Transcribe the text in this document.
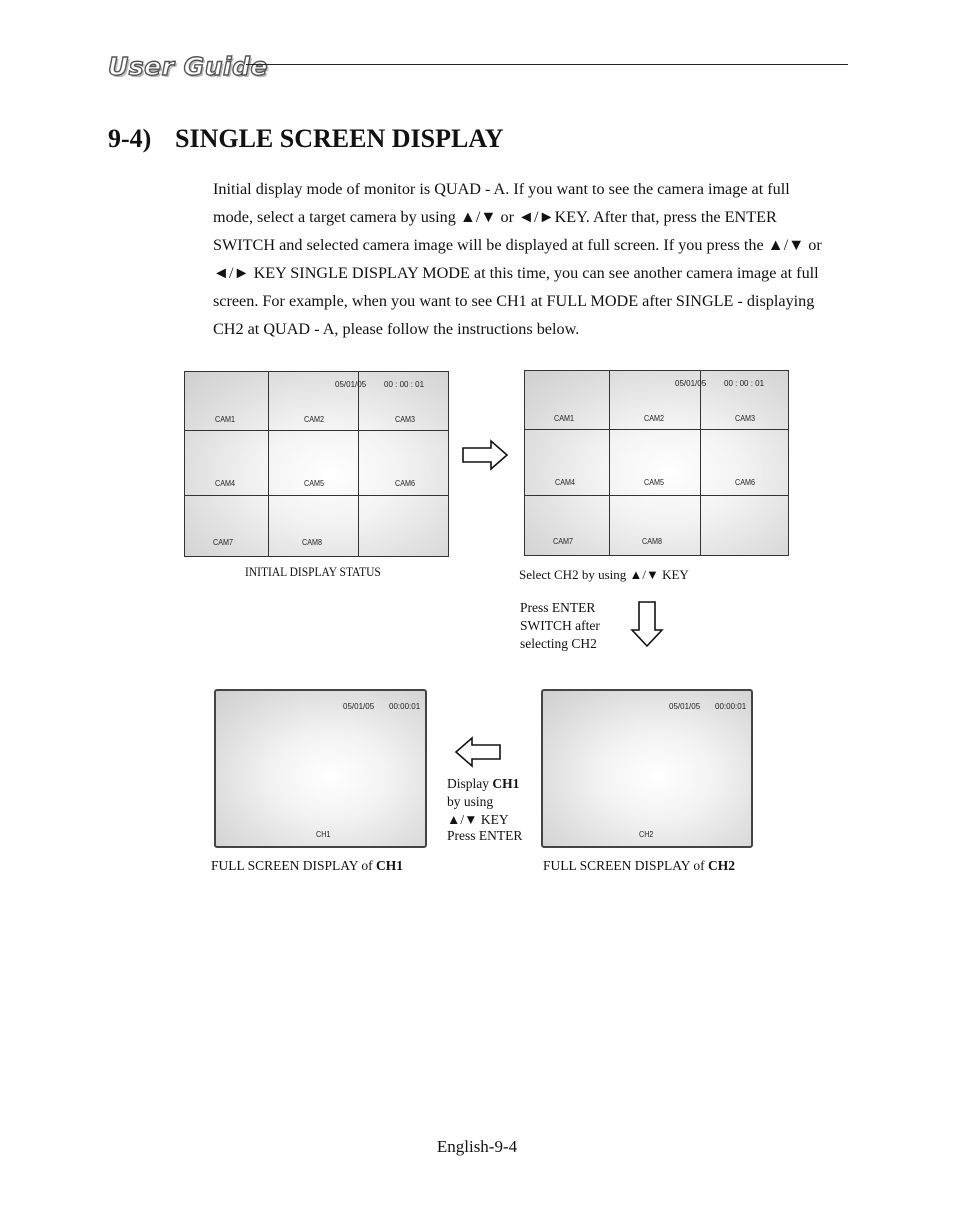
User Guide
9-4) SINGLE SCREEN DISPLAY

Initial display mode of monitor is QUAD - A. If you want to see the camera image at full mode, select a target camera by using ▲/▼ or ◄/►KEY. After that, press the ENTER SWITCH and selected camera image will be displayed at full screen. If you press the ▲/▼ or ◄/► KEY SINGLE DISPLAY MODE at this time, you can see another camera image at full screen. For example, when you want to see CH1 at FULL MODE after SINGLE - displaying CH2 at QUAD - A, please follow the instructions below.

05/01/05 00 : 00 : 01
CAM1	CAM2	CAM3
CAM4	CAM5	CAM6
CAM7	CAM8
INITIAL DISPLAY STATUS
05/01/05 00 : 00 : 01
CAM1	CAM2	CAM3
CAM4	CAM5	CAM6
CAM7	CAM8
Select CH2 by using ▲/▼ KEY

Press ENTER
SWITCH after
selecting CH2

05/01/05 00:00:01
CH1
FULL SCREEN DISPLAY of CH1

Display CH1
by using
▲/▼ KEY
Press ENTER

05/01/05 00:00:01
CH2
FULL SCREEN DISPLAY of CH2
English-9-4
